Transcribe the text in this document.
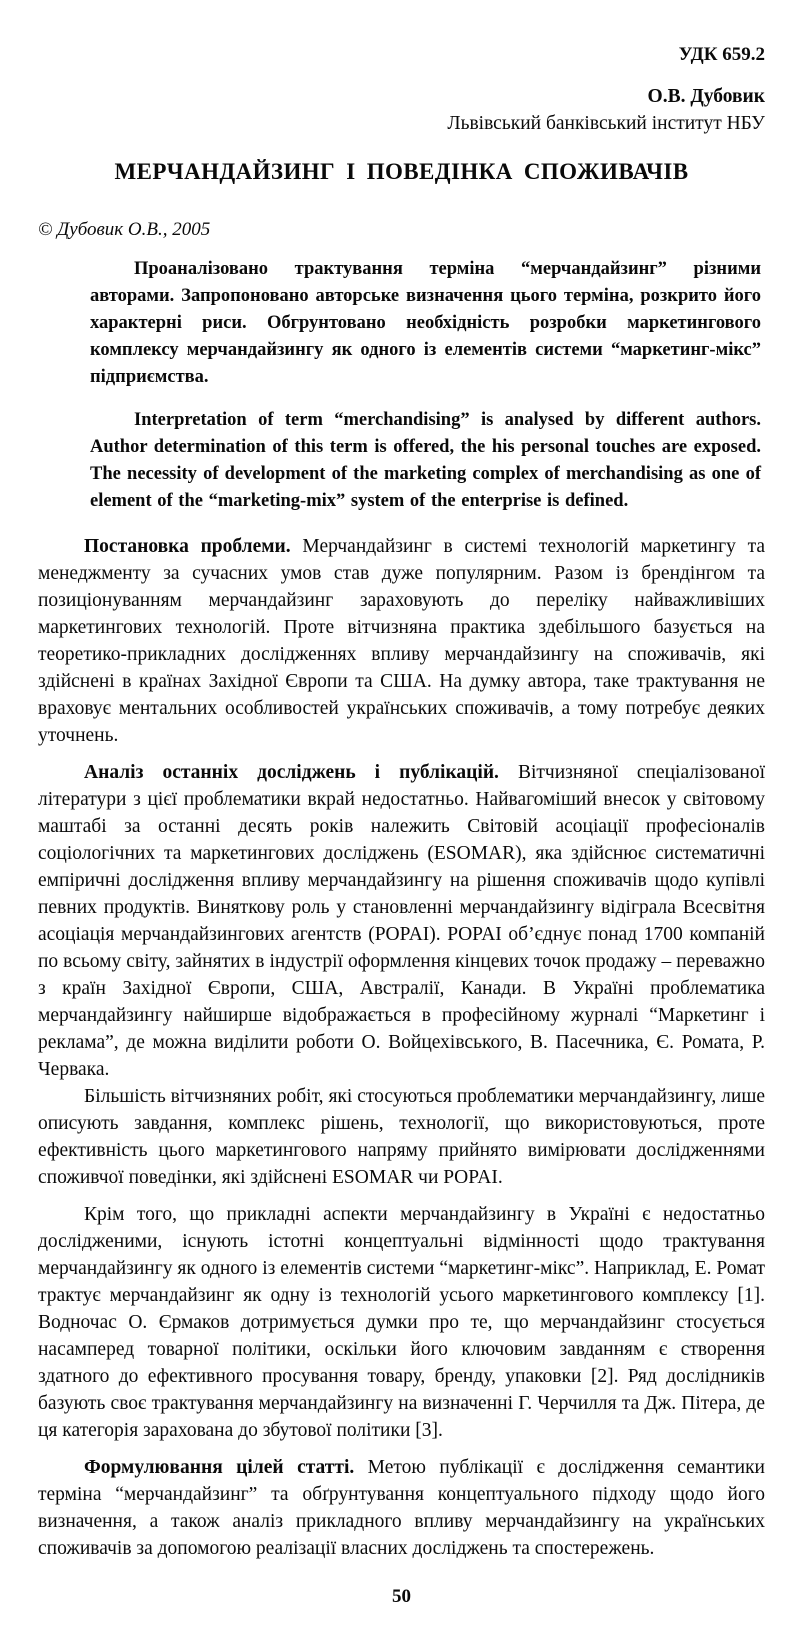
УДК 659.2
О.В. Дубовик
Львівський банківський інститут НБУ
МЕРЧАНДАЙЗИНГ І ПОВЕДІНКА СПОЖИВАЧІВ
© Дубовик О.В., 2005

Проаналізовано трактування терміна “мерчандайзинг” різними авторами. Запропоновано авторське визначення цього терміна, розкрито його характерні риси. Обгрунтовано необхідність розробки маркетингового комплексу мерчандайзингу як одного із елементів системи “маркетинг-мікс” підприємства.

Interpretation of term “merchandising” is analysed by different authors. Author determination of this term is offered, the his personal touches are exposed. The necessity of development of the marketing complex of merchandising as one of element of the “marketing-mix” system of the enterprise is defined.

Постановка проблеми. Мерчандайзинг в системі технологій маркетингу та менеджменту за сучасних умов став дуже популярним. Разом із брендінгом та позиціонуванням мерчандайзинг зараховують до переліку найважливіших маркетингових технологій. Проте вітчизняна практика здебільшого базується на теоретико-прикладних дослідженнях впливу мерчандайзингу на споживачів, які здійснені в країнах Західної Європи та США. На думку автора, таке трактування не враховує ментальних особливостей українських споживачів, а тому потребує деяких уточнень.

Аналіз останніх досліджень і публікацій. Вітчизняної спеціалізованої літератури з цієї проблематики вкрай недостатньо. Найвагоміший внесок у світовому маштабі за останні десять років належить Світовій асоціації професіоналів соціологічних та маркетингових досліджень (ESOMAR), яка здійснює систематичні емпіричні дослідження впливу мерчандайзингу на рішення споживачів щодо купівлі певних продуктів. Виняткову роль у становленні мерчандайзингу відіграла Всесвітня асоціація мерчандайзингових агентств (POPAI). POPAI об’єднує понад 1700 компаній по всьому світу, зайнятих в індустрії оформлення кінцевих точок продажу – переважно з країн Західної Європи, США, Австралії, Канади. В Україні проблематика мерчандайзингу найширше відображається в професійному журналі “Маркетинг і реклама”, де можна виділити роботи О. Войцехівського, В. Пасечника, Є. Ромата, Р. Червака.

Більшість вітчизняних робіт, які стосуються проблематики мерчандайзингу, лише описують завдання, комплекс рішень, технології, що використовуються, проте ефективність цього маркетингового напряму прийнято вимірювати дослідженнями споживчої поведінки, які здійснені ESOMAR чи POPAI.

Крім того, що прикладні аспекти мерчандайзингу в Україні є недостатньо дослідженими, існують істотні концептуальні відмінності щодо трактування мерчандайзингу як одного із елементів системи “маркетинг-мікс”. Наприклад, Е. Ромат трактує мерчандайзинг як одну із технологій усього маркетингового комплексу [1]. Водночас О. Єрмаков дотримується думки про те, що мерчандайзинг стосується насамперед товарної політики, оскільки його ключовим завданням є створення здатного до ефективного просування товару, бренду, упаковки [2]. Ряд дослідників базують своє трактування мерчандайзингу на визначенні Г. Черчилля та Дж. Пітера, де ця категорія зарахована до збутової політики [3].

Формулювання цілей статті. Метою публікації є дослідження семантики терміна “мерчандайзинг” та обґрунтування концептуального підходу щодо його визначення, а також аналіз прикладного впливу мерчандайзингу на українських споживачів за допомогою реалізації власних досліджень та спостережень.

50
